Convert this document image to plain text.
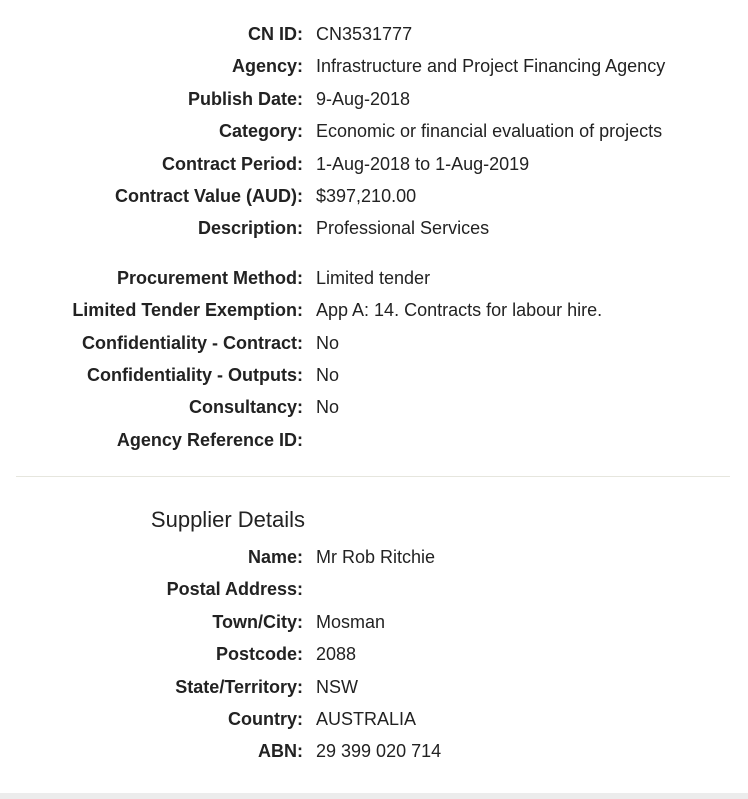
CN ID: CN3531777
Agency: Infrastructure and Project Financing Agency
Publish Date: 9-Aug-2018
Category: Economic or financial evaluation of projects
Contract Period: 1-Aug-2018 to 1-Aug-2019
Contract Value (AUD): $397,210.00
Description: Professional Services
Procurement Method: Limited tender
Limited Tender Exemption: App A: 14. Contracts for labour hire.
Confidentiality - Contract: No
Confidentiality - Outputs: No
Consultancy: No
Agency Reference ID:
Supplier Details
Name: Mr Rob Ritchie
Postal Address:
Town/City: Mosman
Postcode: 2088
State/Territory: NSW
Country: AUSTRALIA
ABN: 29 399 020 714
